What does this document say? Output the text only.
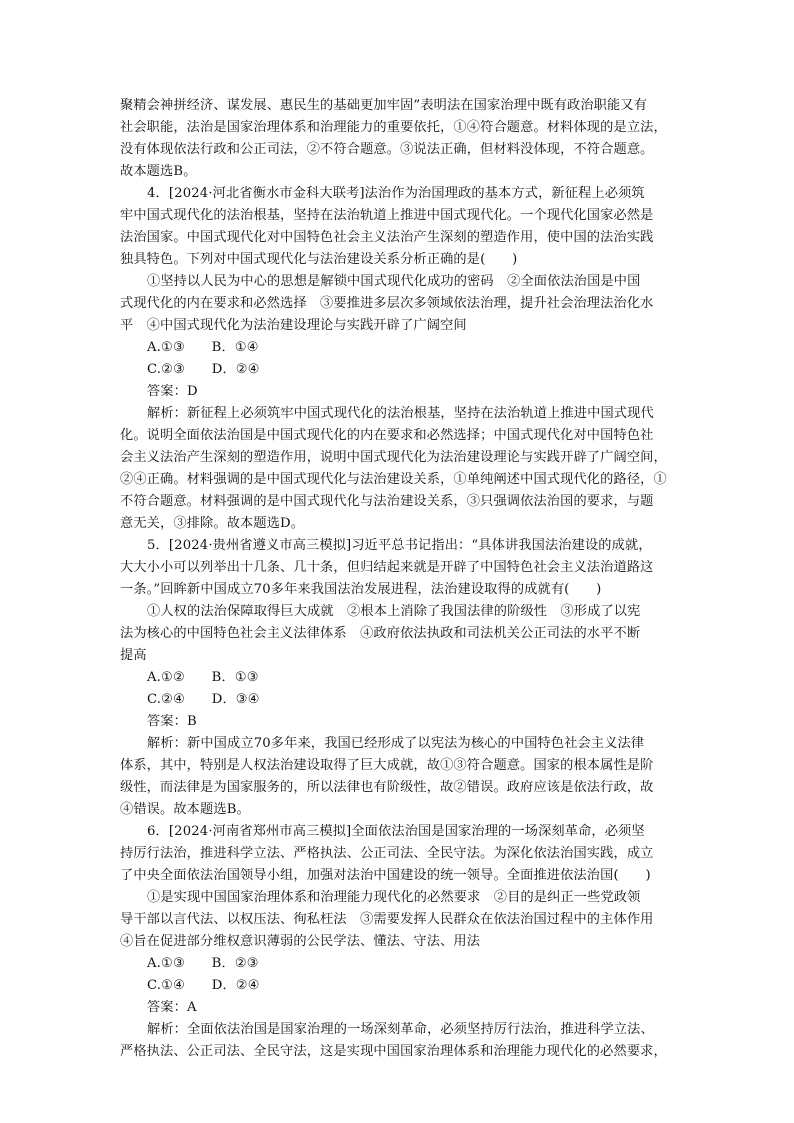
聚精会神拼经济、谋发展、惠民生的基础更加牢固”表明法在国家治理中既有政治职能又有
社会职能，法治是国家治理体系和治理能力的重要依托，①④符合题意。材料体现的是立法，
没有体现依法行政和公正司法，②不符合题意。③说法正确，但材料没体现，不符合题意。
故本题选B。
4．[2024·河北省衡水市金科大联考]法治作为治国理政的基本方式，新征程上必须筑
牢中国式现代化的法治根基，坚持在法治轨道上推进中国式现代化。一个现代化国家必然是
法治国家。中国式现代化对中国特色社会主义法治产生深刻的塑造作用，使中国的法治实践
独具特色。下列对中国式现代化与法治建设关系分析正确的是(　　)
①坚持以人民为中心的思想是解锁中国式现代化成功的密码　②全面依法治国是中国
式现代化的内在要求和必然选择　③要推进多层次多领域依法治理，提升社会治理法治化水
平　④中国式现代化为法治建设理论与实践开辟了广阔空间
A.①③　　B．①④
C.②③　　D．②④
答案：D
解析：新征程上必须筑牢中国式现代化的法治根基，坚持在法治轨道上推进中国式现代
化。说明全面依法治国是中国式现代化的内在要求和必然选择；中国式现代化对中国特色社
会主义法治产生深刻的塑造作用，说明中国式现代化为法治建设理论与实践开辟了广阔空间，
②④正确。材料强调的是中国式现代化与法治建设关系，①单纯阐述中国式现代化的路径，①
不符合题意。材料强调的是中国式现代化与法治建设关系，③只强调依法治国的要求，与题
意无关，③排除。故本题选D。
5．[2024·贵州省遵义市高三模拟]习近平总书记指出：“具体讲我国法治建设的成就，
大大小小可以列举出十几条、几十条，但归结起来就是开辟了中国特色社会主义法治道路这
一条。”回眸新中国成立70多年来我国法治发展进程，法治建设取得的成就有(　　)
①人权的法治保障取得巨大成就　②根本上消除了我国法律的阶级性　③形成了以宪
法为核心的中国特色社会主义法律体系　④政府依法执政和司法机关公正司法的水平不断
提高
A.①②　　B．①③
C.②④　　D．③④
答案：B
解析：新中国成立70多年来，我国已经形成了以宪法为核心的中国特色社会主义法律
体系，其中，特别是人权法治建设取得了巨大成就，故①③符合题意。国家的根本属性是阶
级性，而法律是为国家服务的，所以法律也有阶级性，故②错误。政府应该是依法行政，故
④错误。故本题选B。
6．[2024·河南省郑州市高三模拟]全面依法治国是国家治理的一场深刻革命，必须坚
持厉行法治，推进科学立法、严格执法、公正司法、全民守法。为深化依法治国实践，成立
了中央全面依法治国领导小组，加强对法治中国建设的统一领导。全面推进依法治国(　　)
①是实现中国国家治理体系和治理能力现代化的必然要求　②目的是纠正一些党政领
导干部以言代法、以权压法、徇私枉法　③需要发挥人民群众在依法治国过程中的主体作用
④旨在促进部分维权意识薄弱的公民学法、懂法、守法、用法
A.①③　　B．②③
C.①④　　D．②④
答案：A
解析：全面依法治国是国家治理的一场深刻革命，必须坚持厉行法治，推进科学立法、
严格执法、公正司法、全民守法，这是实现中国国家治理体系和治理能力现代化的必然要求，
